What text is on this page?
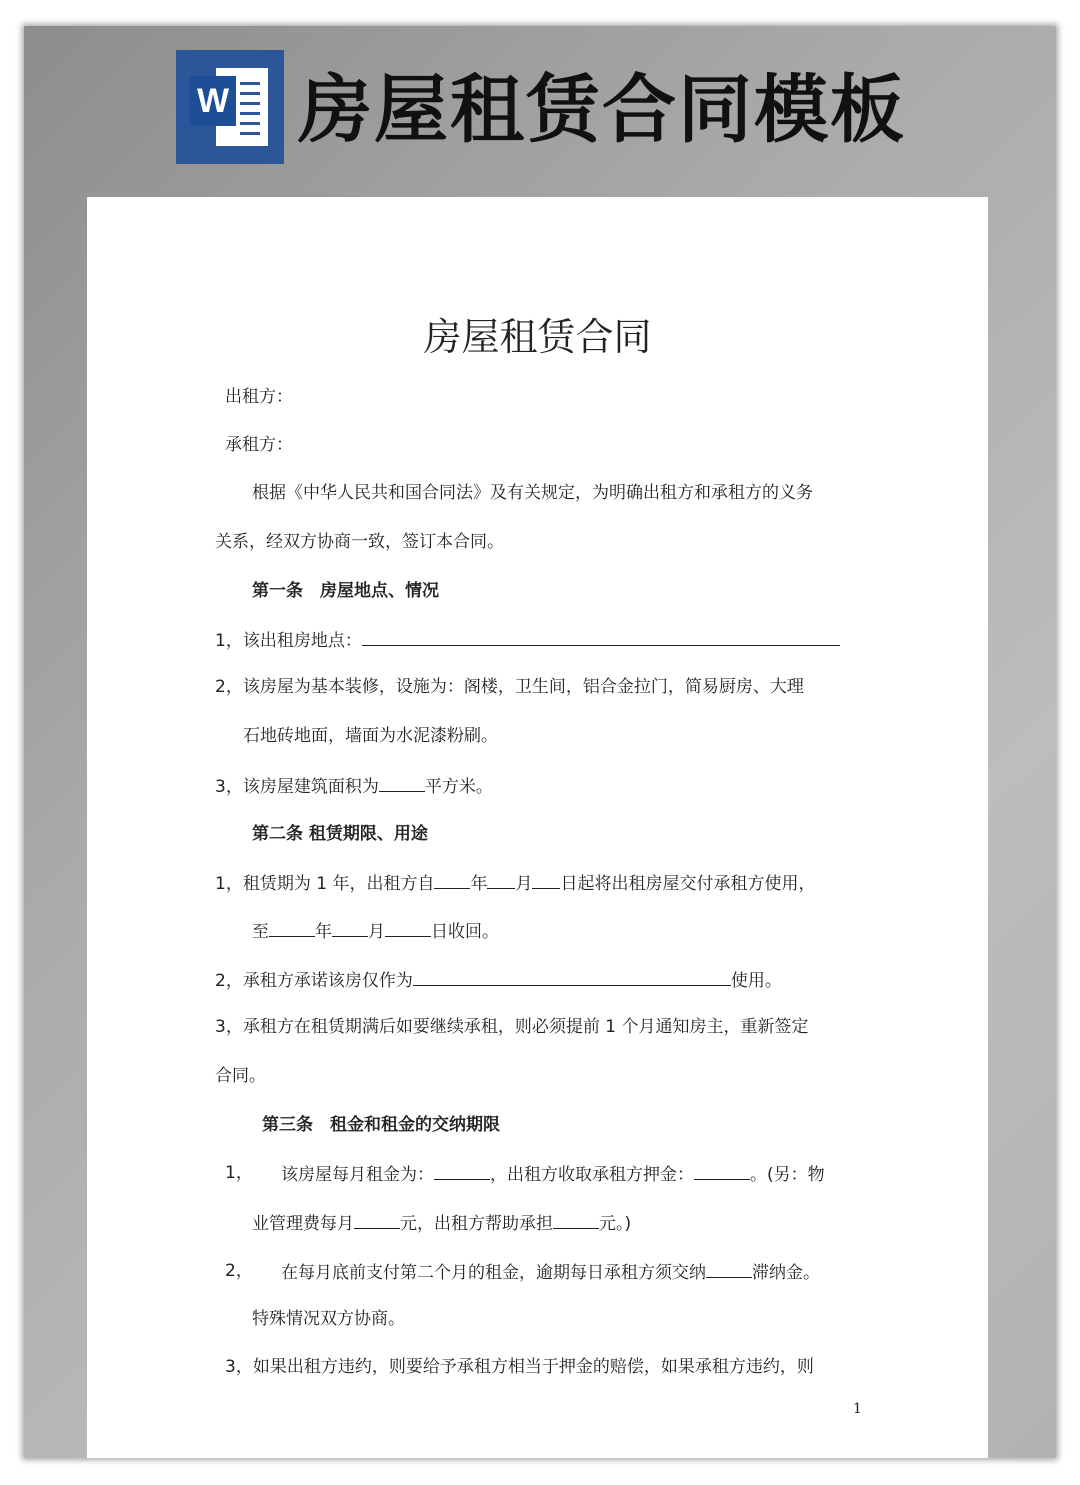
W 房屋租赁合同模板
房屋租赁合同
出租方：
承租方：
根据《中华人民共和国合同法》及有关规定，为明确出租方和承租方的义务
关系，经双方协商一致，签订本合同。
第一条　房屋地点、情况
1，该出租房地点：
2，该房屋为基本装修，设施为：阁楼，卫生间，铝合金拉门，简易厨房、大理
石地砖地面，墙面为水泥漆粉刷。
3，该房屋建筑面积为	平方米。
第二条 租赁期限、用途
1，租赁期为 1 年，出租方自 年 月 日起将出租房屋交付承租方使用，
至	年 月	日收回。
2，承租方承诺该房仅作为	使用。
3，承租方在租赁期满后如要继续承租，则必须提前 1 个月通知房主，重新签定
合同。
第三条　租金和租金的交纳期限
1， 该房屋每月租金为：	，出租方收取承租方押金：	。(另：物
业管理费每月	元，出租方帮助承担	元。)
2， 在每月底前支付第二个月的租金，逾期每日承租方须交纳	滞纳金。
特殊情况双方协商。
3，如果出租方违约，则要给予承租方相当于押金的赔偿，如果承租方违约，则
1
